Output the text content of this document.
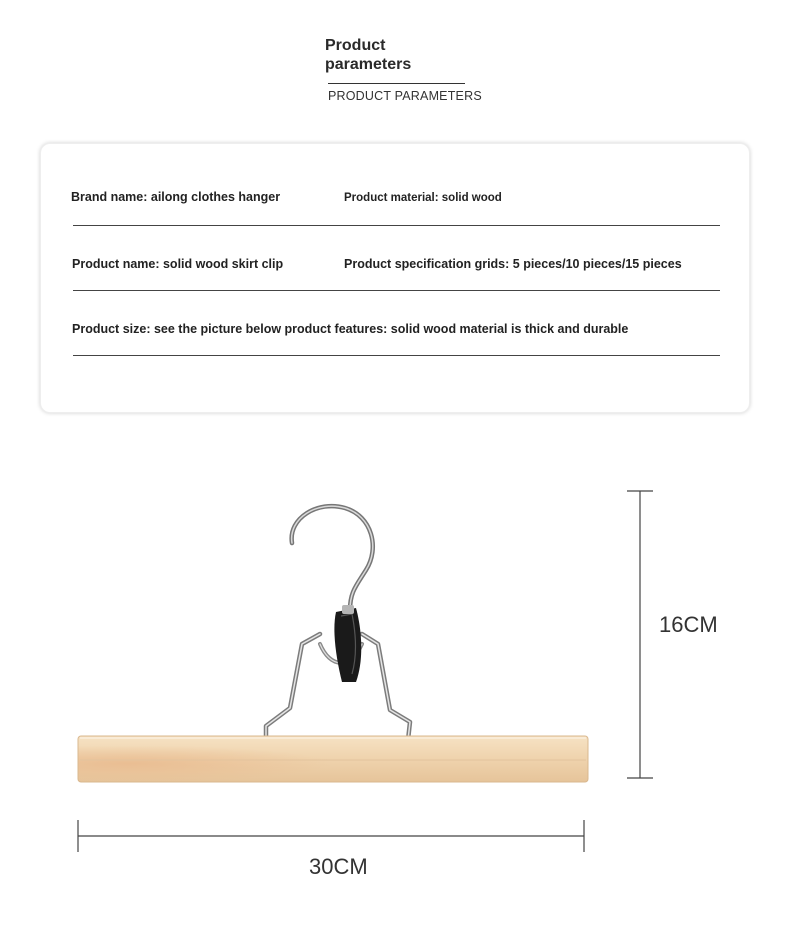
Product
parameters
PRODUCT PARAMETERS
Brand name: ailong clothes hanger	Product material: solid wood
Product name: solid wood skirt clip	Product specification grids: 5 pieces/10 pieces/15 pieces
Product size: see the picture below product features: solid wood material is thick and durable
16CM
30CM
